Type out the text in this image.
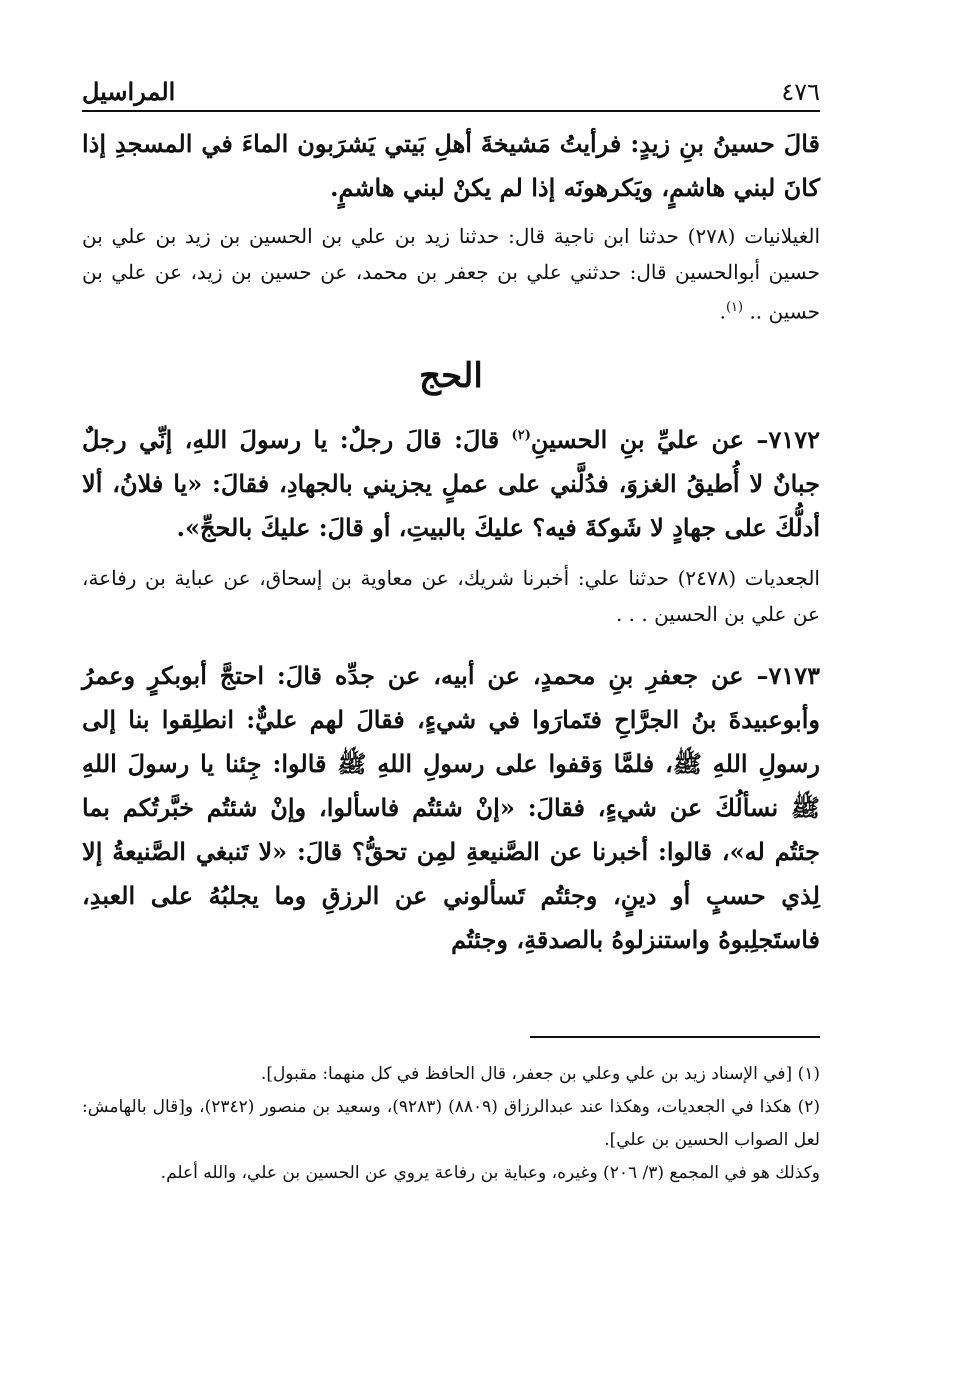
٤٧٦
المراسيل

قالَ حسينُ بنِ زيدٍ: فرأيتُ مَشيخةَ أهلِ بَيتي يَشرَبون الماءَ في المسجدِ إذا كانَ لبني هاشمٍ، ويَكرهونَه إذا لم يكنْ لبني هاشمٍ.

الغيلانيات (٢٧٨) حدثنا ابن ناجية قال: حدثنا زيد بن علي بن الحسين بن زيد بن علي بن حسين أبوالحسين قال: حدثني علي بن جعفر بن محمد، عن حسين بن زيد، عن علي بن حسين .. $^{(١)}$.

الحج

٧١٧٢– عن عليِّ بنِ الحسينِ$^{(٢)}$ قالَ: قالَ رجلٌ: يا رسولَ اللهِ، إنِّي رجلٌ جبانٌ لا أُطيقُ الغزوَ، فدُلَّني على عملٍ يجزيني بالجهادِ، فقالَ: «يا فلانُ، ألا أدلُّكَ على جهادٍ لا شَوكةَ فيه؟ عليكَ بالبيتِ، أو قالَ: عليكَ بالحجِّ».

الجعديات (٢٤٧٨) حدثنا علي: أخبرنا شريك، عن معاوية بن إسحاق، عن عباية بن رفاعة، عن علي بن الحسين . . .

٧١٧٣– عن جعفرِ بنِ محمدٍ، عن أبيه، عن جدِّه قالَ: احتجَّ أبوبكرٍ وعمرُ وأبوعبيدةَ بنُ الجرَّاحِ فتَمارَوا في شيءٍ، فقالَ لهم عليٌّ: انطلِقوا بنا إلى رسولِ اللهِ ﷺ، فلمَّا وَقفوا على رسولِ اللهِ ﷺ قالوا: جِئنا يا رسولَ اللهِ ﷺ نسألُكَ عن شيءٍ، فقالَ: «إنْ شئتُم فاسألوا، وإنْ شئتُم خبَّرتُكم بما جئتُم له»، قالوا: أخبرنا عن الصَّنيعةِ لمِن تحقُّ؟ قالَ: «لا تَنبغي الصَّنيعةُ إلا لِذي حسبٍ أو دينٍ، وجئتُم تَسألوني عن الرزقِ وما يجلبُهُ على العبدِ، فاستَجلِبوهُ واستنزلوهُ بالصدقةِ، وجئتُم

(١) [في الإسناد زيد بن علي وعلي بن جعفر، قال الحافظ في كل منهما: مقبول].

(٢) هكذا في الجعديات، وهكذا عند عبدالرزاق (٨٨٠٩) (٩٢٨٣)، وسعيد بن منصور (٢٣٤٢)، و[قال بالهامش: لعل الصواب الحسين بن علي].

وكذلك هو في المجمع (٣/ ٢٠٦) وغيره، وعباية بن رفاعة يروي عن الحسين بن علي، والله أعلم.
